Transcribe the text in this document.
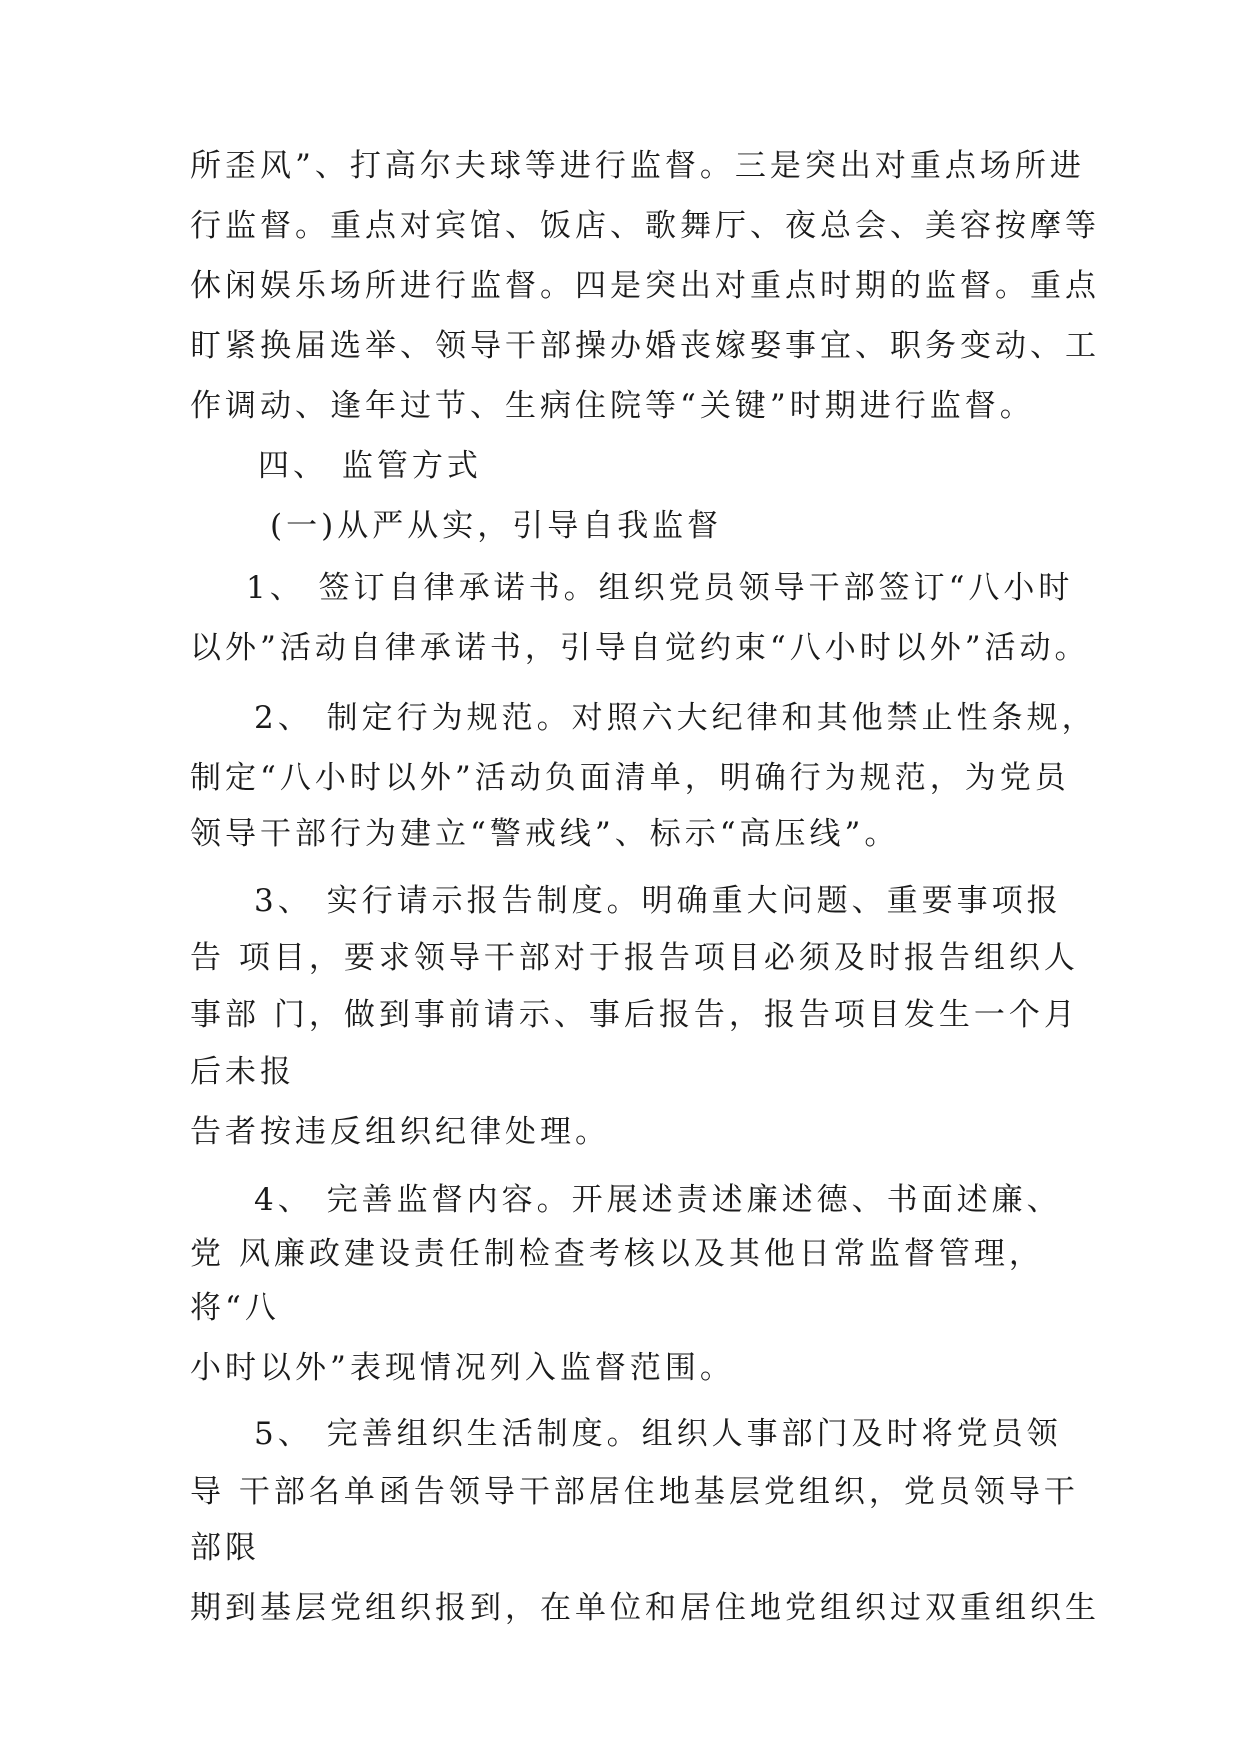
所歪风”、打高尔夫球等进行监督。三是突出对重点场所进
行监督。重点对宾馆、饭店、歌舞厅、夜总会、美容按摩等
休闲娱乐场所进行监督。四是突出对重点时期的监督。重点
盯紧换届选举、领导干部操办婚丧嫁娶事宜、职务变动、工
作调动、逢年过节、生病住院等“关键”时期进行监督。
四、 监管方式
(一)从严从实，引导自我监督
1、 签订自律承诺书。组织党员领导干部签订“八小时
以外”活动自律承诺书，引导自觉约束“八小时以外”活动。
2、 制定行为规范。对照六大纪律和其他禁止性条规，
制定“八小时以外”活动负面清单，明确行为规范，为党员
领导干部行为建立“警戒线”、标示“高压线”。
3、 实行请示报告制度。明确重大问题、重要事项报
告 项目，要求领导干部对于报告项目必须及时报告组织人
事部 门，做到事前请示、事后报告，报告项目发生一个月
后未报
告者按违反组织纪律处理。
4、 完善监督内容。开展述责述廉述德、书面述廉、
党 风廉政建设责任制检查考核以及其他日常监督管理，
将“八
小时以外”表现情况列入监督范围。
5、 完善组织生活制度。组织人事部门及时将党员领
导 干部名单函告领导干部居住地基层党组织，党员领导干
部限
期到基层党组织报到，在单位和居住地党组织过双重组织生
